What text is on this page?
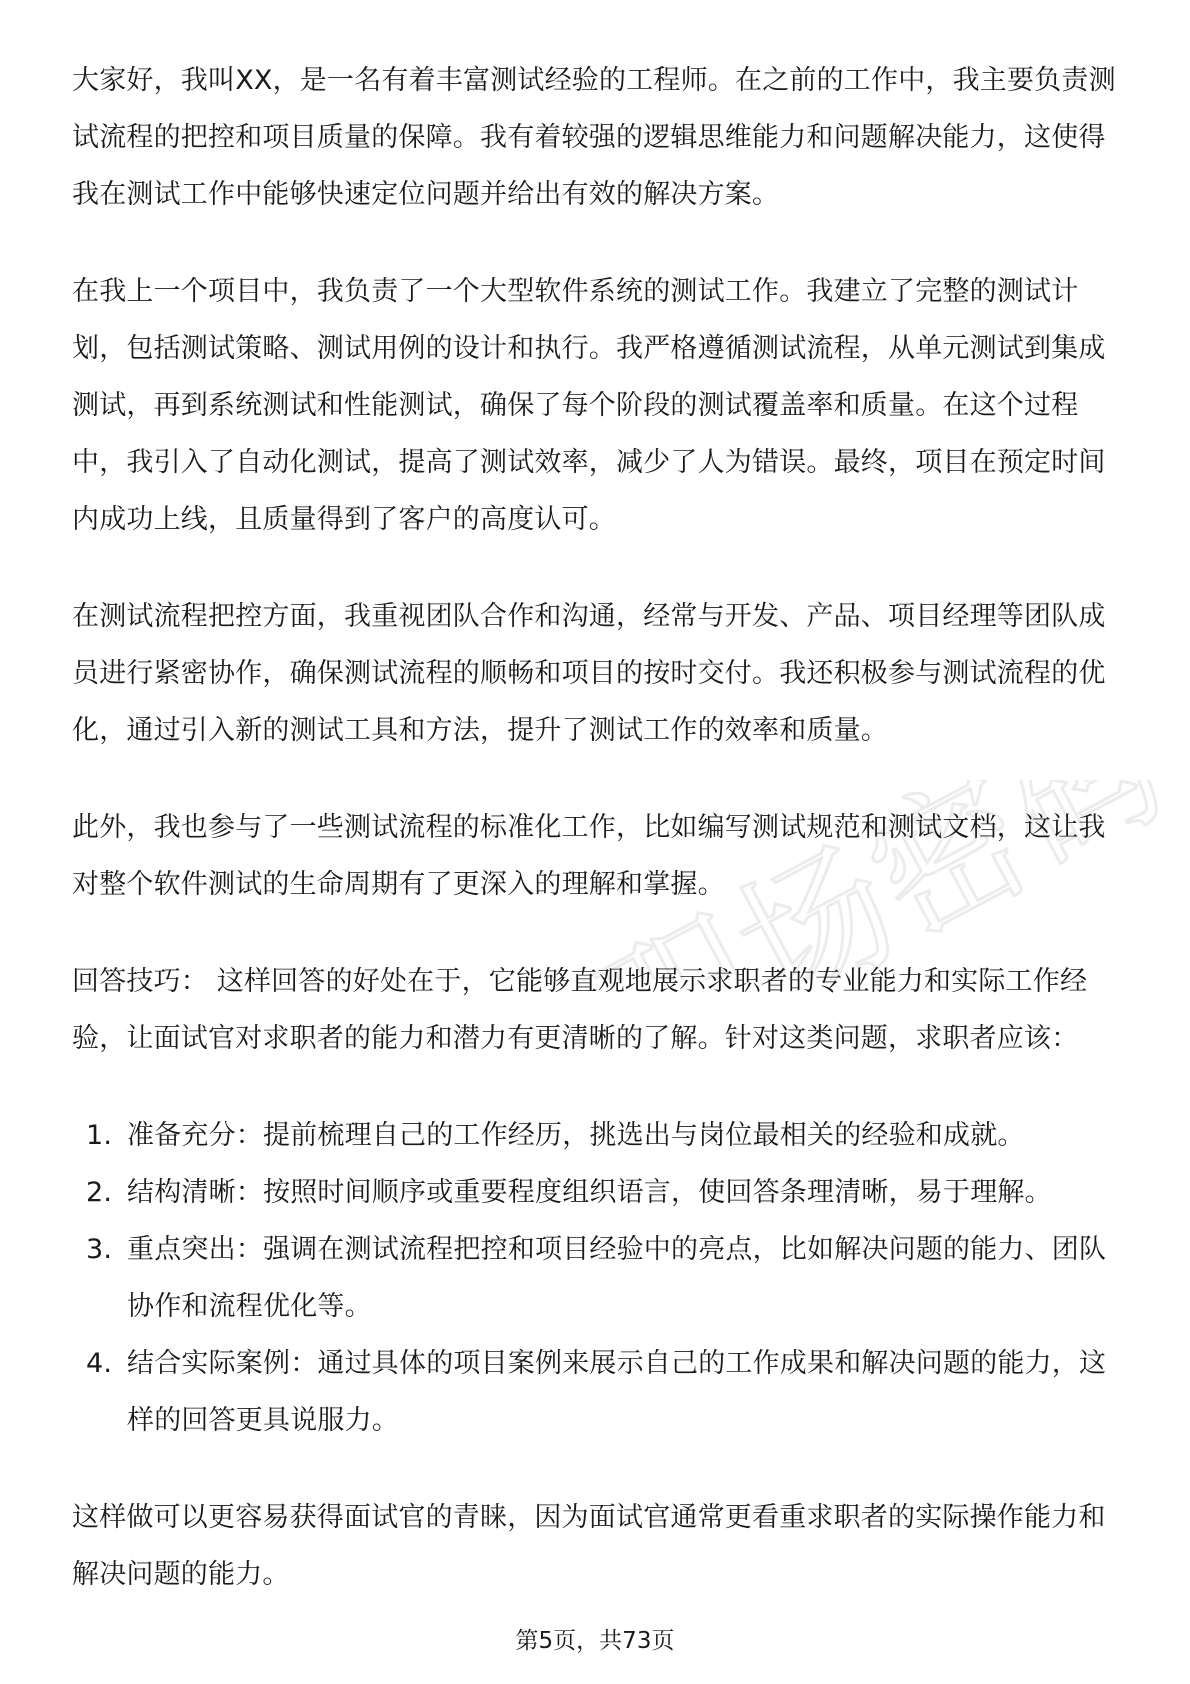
大家好，我叫XX，是一名有着丰富测试经验的工程师。在之前的工作中，我主要负责测试流程的把控和项目质量的保障。我有着较强的逻辑思维能力和问题解决能力，这使得我在测试工作中能够快速定位问题并给出有效的解决方案。

在我上一个项目中，我负责了一个大型软件系统的测试工作。我建立了完整的测试计划，包括测试策略、测试用例的设计和执行。我严格遵循测试流程，从单元测试到集成测试，再到系统测试和性能测试，确保了每个阶段的测试覆盖率和质量。在这个过程中，我引入了自动化测试，提高了测试效率，减少了人为错误。最终，项目在预定时间内成功上线，且质量得到了客户的高度认可。

在测试流程把控方面，我重视团队合作和沟通，经常与开发、产品、项目经理等团队成员进行紧密协作，确保测试流程的顺畅和项目的按时交付。我还积极参与测试流程的优化，通过引入新的测试工具和方法，提升了测试工作的效率和质量。

此外，我也参与了一些测试流程的标准化工作，比如编写测试规范和测试文档，这让我对整个软件测试的生命周期有了更深入的理解和掌握。

回答技巧： 这样回答的好处在于，它能够直观地展示求职者的专业能力和实际工作经验，让面试官对求职者的能力和潜力有更清晰的了解。针对这类问题，求职者应该：

1. 准备充分：提前梳理自己的工作经历，挑选出与岗位最相关的经验和成就。
2. 结构清晰：按照时间顺序或重要程度组织语言，使回答条理清晰，易于理解。
3. 重点突出：强调在测试流程把控和项目经验中的亮点，比如解决问题的能力、团队协作和流程优化等。
4. 结合实际案例：通过具体的项目案例来展示自己的工作成果和解决问题的能力，这样的回答更具说服力。

这样做可以更容易获得面试官的青睐，因为面试官通常更看重求职者的实际操作能力和解决问题的能力。

第5页，共73页
